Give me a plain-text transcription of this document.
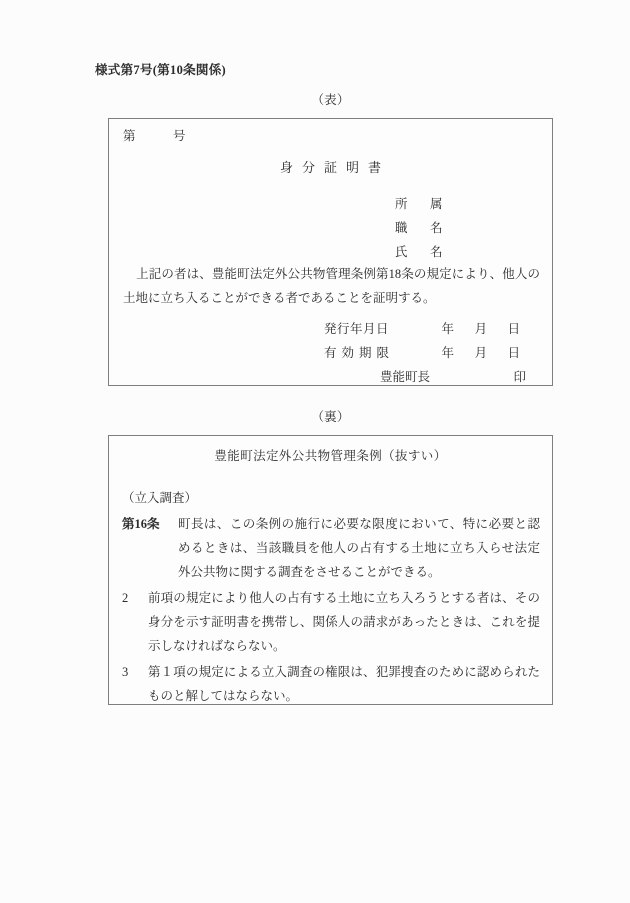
様式第7号(第10条関係)
（表）
第　　　号
身分証明書
所　属
職　名
氏　名
上記の者は、豊能町法定外公共物管理条例第18条の規定により、他人の土地に立ち入ることができる者であることを証明する。
発行年月日	年	月	日
有効期限	年	月	日
豊能町長	印
（裏）
豊能町法定外公共物管理条例（抜すい）
（立入調査）
第16条	町長は、この条例の施行に必要な限度において、特に必要と認めるときは、当該職員を他人の占有する土地に立ち入らせ法定外公共物に関する調査をさせることができる。
2	前項の規定により他人の占有する土地に立ち入ろうとする者は、その身分を示す証明書を携帯し、関係人の請求があったときは、これを提示しなければならない。
3	第１項の規定による立入調査の権限は、犯罪捜査のために認められたものと解してはならない。
